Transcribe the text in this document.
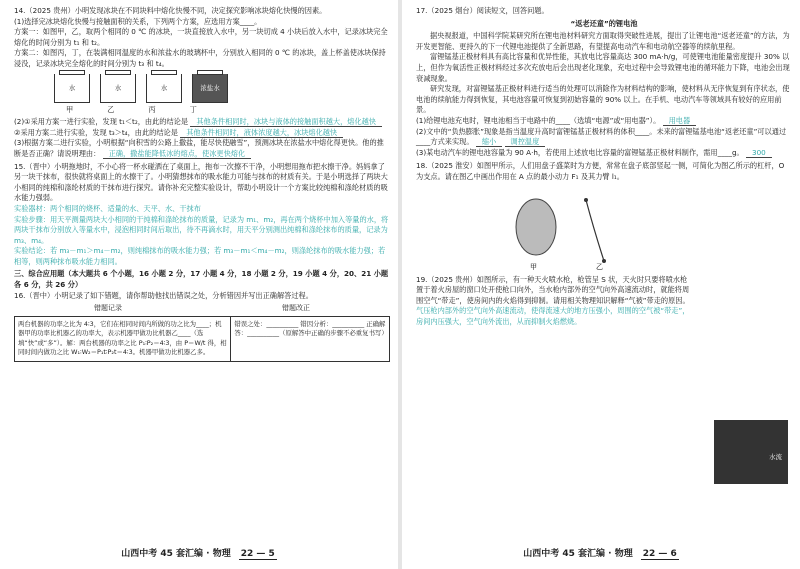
14.（2025 贵州）小明发现冰块在不同块料中熔化快慢不同，决定探究影响冰块熔化快慢的因素。

(1)选择完冰块熔化快慢与接触面积的关系，下列两个方案，应选用方案____。

方案一：如图甲，乙，取两个相同的 0 ℃ 的冰块，一块直接放入水中，另一块切成 4 小块后放入水中，记录冰块完全熔化的时间分别为 t₁ 和 t₂。

方案二：如图丙，丁，在装满相同温度的水和浓盐水的玻璃杯中，分别放入相同的 0 ℃ 的冰块，盖上杯盖使冰块保持浸没，记录冰块完全熔化的时间分别为 t₃ 和 t₄。

水	水	水	浓盐水
甲	乙	丙	丁

(2)①采用方案一进行实验，发现 t₁＜t₂，由此的结论是 其他条件相同时，冰块与液体的接触面积越大，熔化越快

②采用方案二进行实验，发现 t₃＞t₄，由此的结论是 其他条件相同时，液体浓度越大，冰块熔化越快

(3)根据方案二进行实验，小明根据“向积雪的公路上撒盐，能尽快使融雪”，预测冰块在浓盐水中熔化得更快。他的推断是否正确？请说明理由： 正确，撒盐能降低冰的熔点，使冰更快熔化

15.（晋中）小明拖地时，不小心将一杯水碰洒在了桌面上，拖布一次擦不干净，小明想用拖布把水擦干净。妈妈拿了另一块干抹布，很快就将桌面上的水擦干了。小明猜想抹布的吸水能力可能与抹布的材质有关。于是小明选择了两块大小相同的纯棉和涤纶材质的干抹布进行探究。请你补充完整实验设计，帮助小明设计一个方案比较纯棉和涤纶材质的吸水能力强弱。

实验器材：两个相同的烧杯、适量的水、天平、水、干抹布

实验步骤：用天平测量两块大小相同的干纯棉和涤纶抹布的质量，记录为 m₁、m₂，再在两个烧杯中加入等量的水，将两块干抹布分别放入等量水中，浸泡相同时间后取出，待不再滴水时，用天平分别测出纯棉和涤纶抹布的质量，记录为 m₃、m₄。

实验结论：若 m₃－m₁＞m₄－m₂，则纯棉抹布的吸水能力强；若 m₃－m₁＜m₄－m₂，则涤纶抹布的吸水能力强；若相等，则两种抹布吸水能力相同。

三、综合应用题（本大题共 6 个小题，16 小题 2 分，17 小题 4 分，18 小题 2 分，19 小题 4 分，20、21 小题各 6 分，共 26 分）

16.（晋中）小明记录了如下错题，请你帮助他找出错误之处，分析错因并写出正确解答过程。

错题记录	错题改正
两台机器的功率之比为 4∶3，它们在相同时间内所做的功之比为____；机器甲的功率比机器乙的功率大，表示机器甲做功比机器乙____（选填“快”或“多”）。解：两台机器的功率之比 P₁∶P₂＝4∶3，由 P＝W/t 得，相同时间内做功之比 W₁∶W₂＝P₁t∶P₂t＝4∶3。机器甲做功比机器乙多。
错误之处：__________ 错因分析：__________ 正确解答：__________（原解答中正确的步骤不必重复书写）
山西中考 45 套汇编 · 物理 22 — 5

17.（2025 烟台）阅读短文，回答问题。

“返老还童”的锂电池

据央视报道，中国科学院某研究所在锂电池材料研究方面取得突破性进展，提出了让锂电池“返老还童”的方法，为开发更智能、更持久的下一代锂电池提供了全新思路，有望提高电动汽车和电动航空器等的续航里程。

富锂锰基正极材料具有高比容量和优异性能，其放电比容量高达 300 mA·h/g，可使锂电池能量密度提升 30% 以上，但作为氧活性正极材料经过多次充放电后会出现老化现象，充电过程中会导致锂电池的循环能力下降，电池会出现衰减现象。

研究发现，对富锂锰基正极材料进行适当的处理可以消除作为材料结构的影响，使材料从无序恢复到有序状态，使电池的续航能力得到恢复，其电池容量可恢复到初始容量的 90% 以上。在手机、电动汽车等领域具有较好的应用前景。

(1)给锂电池充电时，锂电池相当于电路中的____（选填“电源”或“用电器”）。 用电器

(2)文中的“负热膨胀”现象是指当温度升高时富锂锰基正极材料的体积____。未来的富锂锰基电池“返老还童”可以通过____方式来实现。 缩小 调控温度

(3)某电动汽车的锂电池容量为 90 A·h，若使用上述放电比容量的富锂锰基正极材料制作，需用____g。 300

18.（2025 淮安）如图甲所示，人们用盘子盛菜时为方便，常常在盘子底部竖起一侧，可简化为图乙所示的杠杆，O 为支点。请在图乙中画出作用在 A 点的最小动力 F₁ 及其力臂 l₁。

甲	乙

19.（2025 贵州）如图所示，有一种天火喷水枪，枪管呈 S 状，天火时只要将喷水枪置于着火房屋的窗口处开使枪口向外，当水枪内部外的空气向外高速流动时，就能将周围空气“带走”，使房间内的火焰得到抑制。请用相关物理知识解释“气被”带走的原因。

气压枪内部外的空气向外高速流动，使得流速大的地方压强小，周围的空气被“带走”，房间内压强大，空气向外流出，从而抑制火焰燃烧。

水流
山西中考 45 套汇编 · 物理 22 — 6
